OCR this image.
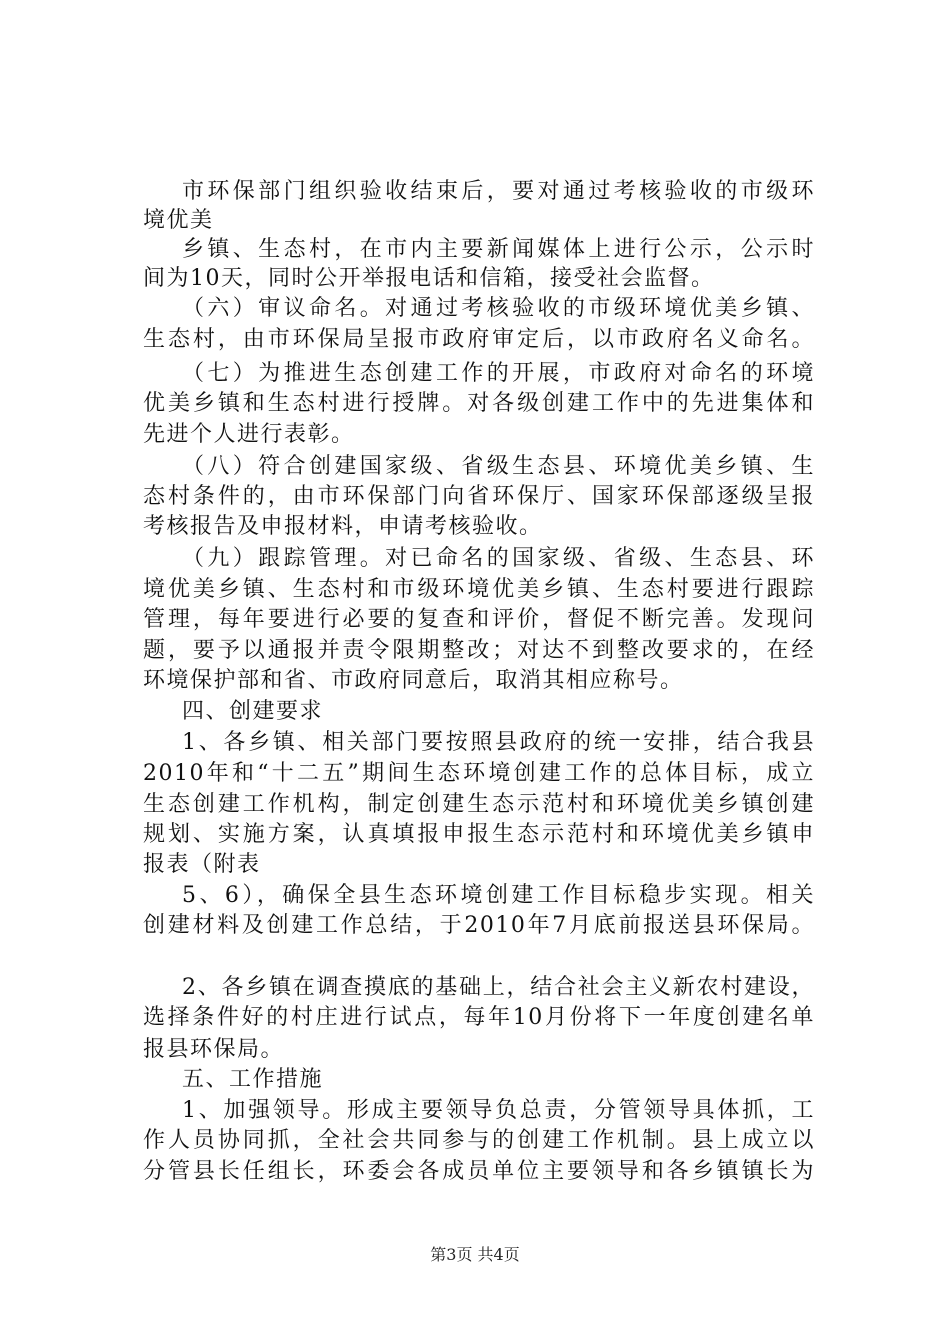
市环保部门组织验收结束后，要对通过考核验收的市级环
境优美
乡镇、生态村，在市内主要新闻媒体上进行公示，公示时
间为10天，同时公开举报电话和信箱，接受社会监督。
（六）审议命名。对通过考核验收的市级环境优美乡镇、
生态村，由市环保局呈报市政府审定后，以市政府名义命名。
（七）为推进生态创建工作的开展，市政府对命名的环境
优美乡镇和生态村进行授牌。对各级创建工作中的先进集体和
先进个人进行表彰。
（八）符合创建国家级、省级生态县、环境优美乡镇、生
态村条件的，由市环保部门向省环保厅、国家环保部逐级呈报
考核报告及申报材料，申请考核验收。
（九）跟踪管理。对已命名的国家级、省级、生态县、环
境优美乡镇、生态村和市级环境优美乡镇、生态村要进行跟踪
管理，每年要进行必要的复查和评价，督促不断完善。发现问
题，要予以通报并责令限期整改；对达不到整改要求的，在经
环境保护部和省、市政府同意后，取消其相应称号。
四、创建要求
1、各乡镇、相关部门要按照县政府的统一安排，结合我县
2010年和“十二五”期间生态环境创建工作的总体目标，成立
生态创建工作机构，制定创建生态示范村和环境优美乡镇创建
规划、实施方案，认真填报申报生态示范村和环境优美乡镇申
报表（附表
5、6），确保全县生态环境创建工作目标稳步实现。相关
创建材料及创建工作总结，于2010年7月底前报送县环保局。
2、各乡镇在调查摸底的基础上，结合社会主义新农村建设，
选择条件好的村庄进行试点，每年10月份将下一年度创建名单
报县环保局。
五、工作措施
1、加强领导。形成主要领导负总责，分管领导具体抓，工
作人员协同抓，全社会共同参与的创建工作机制。县上成立以
分管县长任组长，环委会各成员单位主要领导和各乡镇镇长为
第3页 共4页
